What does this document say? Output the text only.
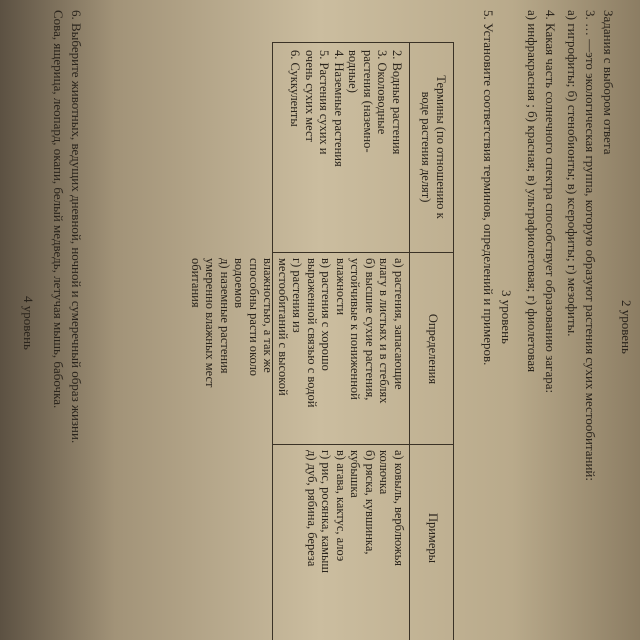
2 уровень
Задания с выбором ответа
3. … —это экологическая группа, которую образуют растения сухих местообитаний:
а) гигрофиты; б) стенобионты; в) ксерофиты; г) мезофиты.
4. Какая часть солнечного спектра способствует образованию загара:
а) инфракрасная ; б) красная; в) ультрафиолетовая; г) фиолетовая
3 уровень
5. Установите соответствия терминов, определений и примеров.
Термины (по отношению к
воде растения делят)
Определения
Примеры
2. Водные растения
3. Околоводные
растения (наземно-
водные)
4. Наземные растения
5. Растения сухих и
очень сухих мест
6. Суккуленты
а) растения, запасающие
влагу в листьях и в стеблях
б) высшие сухие растения,
устойчивые к пониженной
влажности
в) растения с хорошо
выраженной связью с водой
г) растения из
местообитаний с высокой
влажностью, а так же
способны расти около
водоемов
д) наземные растения
умеренно влажных мест
обитания
а) ковыль, верблюжья
колючка
б) ряска, кувшинка,
кубышка
в) агава, кактус, алоэ
г) рис, росянка, камыш
д) дуб, рябина, береза
6. Выберите животных, ведущих дневной, ночной и сумеречный образ жизни.
Сова, ящерица, леопард, окапи, белый медведь, летучая мышь, бабочка.
4 уровень
